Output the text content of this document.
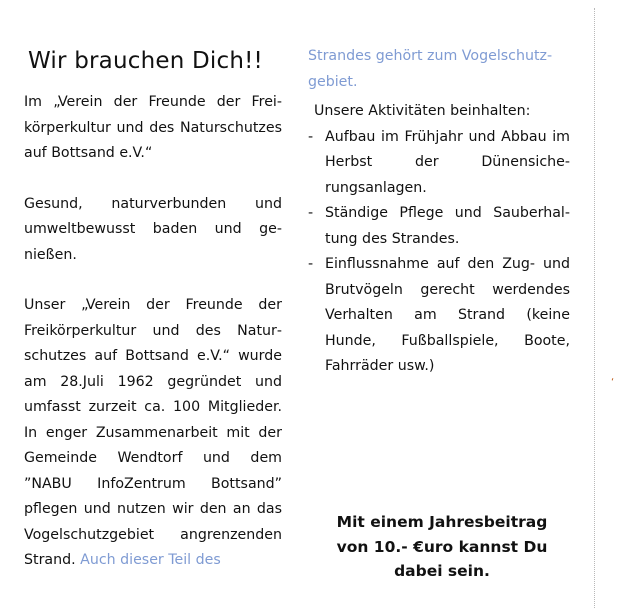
Wir brauchen Dich!!

Im „Verein der Freunde der Freikörperkultur und des Naturschutzes auf Bottsand e.V.“

Gesund, naturverbunden und umweltbewusst baden und genießen.

Unser „Verein der Freunde der Freikörperkultur und des Naturschutzes auf Bottsand e.V.“ wurde am 28.Juli 1962 gegründet und umfasst zurzeit ca. 100 Mitglieder. In enger Zusammenarbeit mit der Gemeinde Wendtorf und dem ”NABU InfoZentrum Bottsand” pflegen und nutzen wir den an das Vogelschutzgebiet angrenzenden Strand. Auch dieser Teil des

Strandes gehört zum Vogelschutzgebiet.

Unsere Aktivitäten beinhalten:
- Aufbau im Frühjahr und Abbau im Herbst der Dünensicherungsanlagen.
- Ständige Pflege und Sauberhaltung des Strandes.
- Einflussnahme auf den Zug- und Brutvögeln gerecht werdendes Verhalten am Strand (keine Hunde, Fußballspiele, Boote, Fahrräder usw.)
Mit einem Jahresbeitrag
von 10.- €uro kannst Du
dabei sein.
‘
